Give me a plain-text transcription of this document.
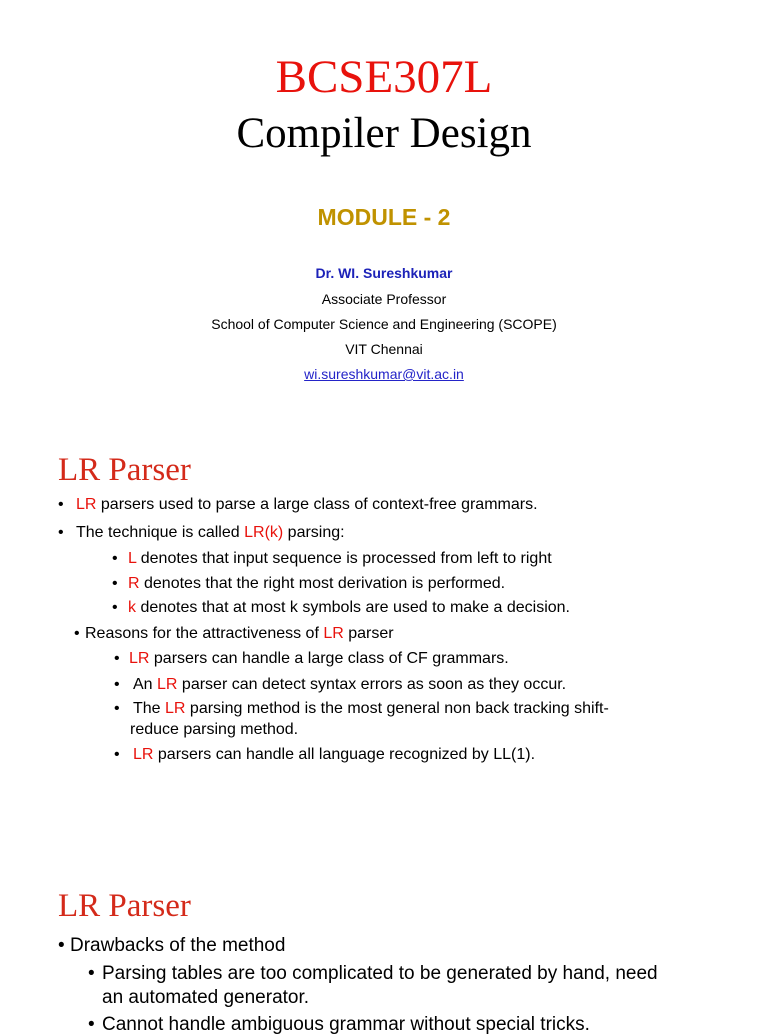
BCSE307L
Compiler Design
MODULE - 2
Dr. WI. Sureshkumar
Associate Professor
School of Computer Science and Engineering (SCOPE)
VIT Chennai
wi.sureshkumar@vit.ac.in
LR Parser
• LR parsers used to parse a large class of context-free grammars.
• The technique is called LR(k) parsing:
• L denotes that input sequence is processed from left to right
• R denotes that the right most derivation is performed.
• k denotes that at most k symbols are used to make a decision.
• Reasons for the attractiveness of LR parser
• LR parsers can handle a large class of CF grammars.
• An LR parser can detect syntax errors as soon as they occur.
• The LR parsing method is the most general non back tracking shift-
reduce parsing method.
• LR parsers can handle all language recognized by LL(1).
LR Parser
• Drawbacks of the method
• Parsing tables are too complicated to be generated by hand, need
an automated generator.
• Cannot handle ambiguous grammar without special tricks.
